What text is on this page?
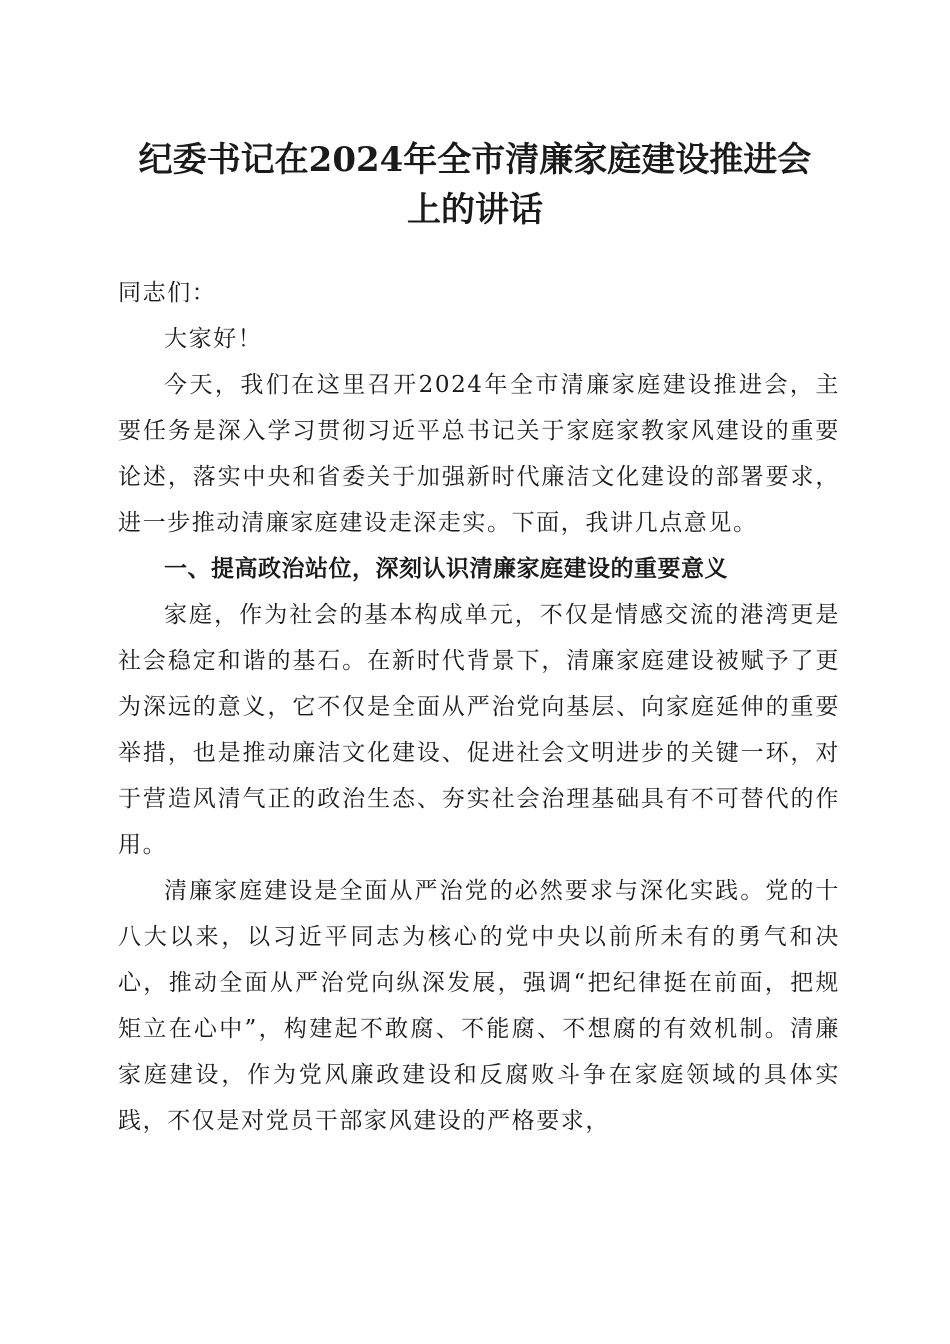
纪委书记在2024年全市清廉家庭建设推进会
上的讲话

同志们：

大家好！

今天，我们在这里召开2024年全市清廉家庭建设推进会，主要任务是深入学习贯彻习近平总书记关于家庭家教家风建设的重要论述，落实中央和省委关于加强新时代廉洁文化建设的部署要求，进一步推动清廉家庭建设走深走实。下面，我讲几点意见。

一、提高政治站位，深刻认识清廉家庭建设的重要意义

家庭，作为社会的基本构成单元，不仅是情感交流的港湾更是社会稳定和谐的基石。在新时代背景下，清廉家庭建设被赋予了更为深远的意义，它不仅是全面从严治党向基层、向家庭延伸的重要举措，也是推动廉洁文化建设、促进社会文明进步的关键一环，对于营造风清气正的政治生态、夯实社会治理基础具有不可替代的作用。

清廉家庭建设是全面从严治党的必然要求与深化实践。党的十八大以来，以习近平同志为核心的党中央以前所未有的勇气和决心，推动全面从严治党向纵深发展，强调“把纪律挺在前面，把规矩立在心中”，构建起不敢腐、不能腐、不想腐的有效机制。清廉家庭建设，作为党风廉政建设和反腐败斗争在家庭领域的具体实践，不仅是对党员干部家风建设的严格要求，
